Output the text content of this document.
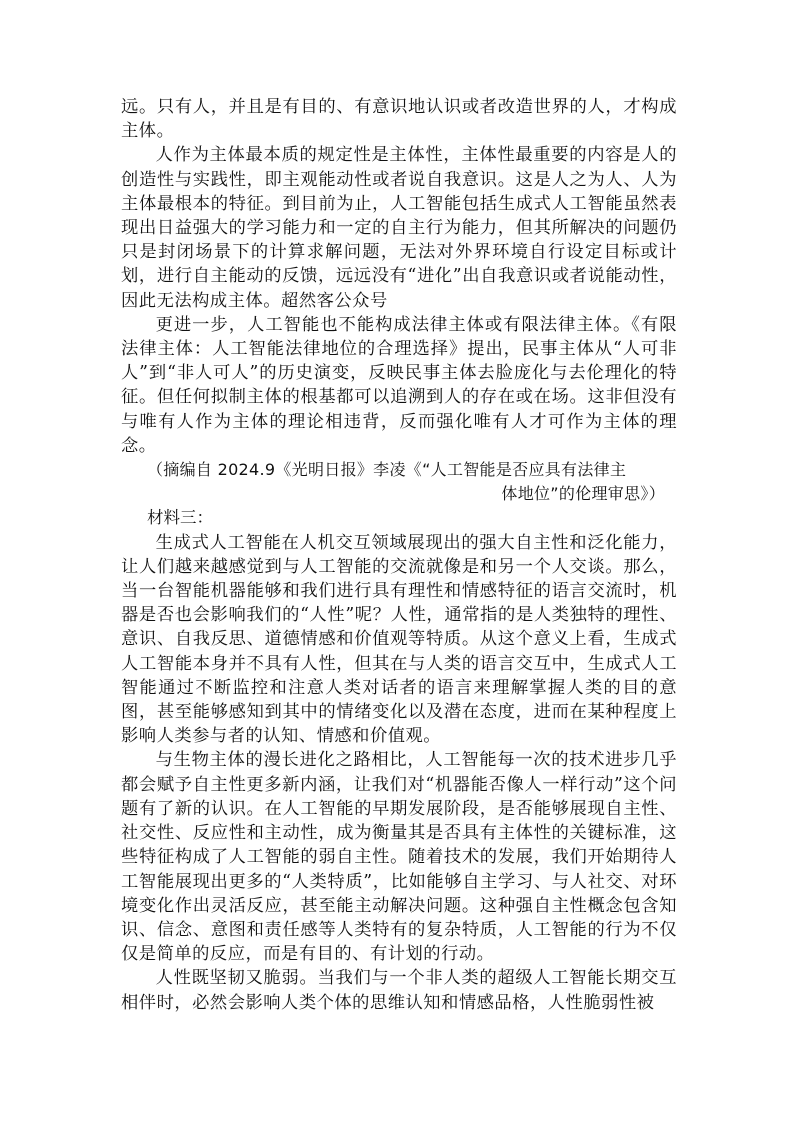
远。只有人，并且是有目的、有意识地认识或者改造世界的人，才构成主体。

人作为主体最本质的规定性是主体性，主体性最重要的内容是人的创造性与实践性，即主观能动性或者说自我意识。这是人之为人、人为主体最根本的特征。到目前为止，人工智能包括生成式人工智能虽然表现出日益强大的学习能力和一定的自主行为能力，但其所解决的问题仍只是封闭场景下的计算求解问题，无法对外界环境自行设定目标或计划，进行自主能动的反馈，远远没有“进化”出自我意识或者说能动性，因此无法构成主体。超然客公众号

更进一步，人工智能也不能构成法律主体或有限法律主体。《有限法律主体：人工智能法律地位的合理选择》提出，民事主体从“人可非人”到“非人可人”的历史演变，反映民事主体去脸庞化与去伦理化的特征。但任何拟制主体的根基都可以追溯到人的存在或在场。这非但没有与唯有人作为主体的理论相违背，反而强化唯有人才可作为主体的理念。

（摘编自 2024.9《光明日报》李凌《“人工智能是否应具有法律主
体地位”的伦理审思》）

材料三：

生成式人工智能在人机交互领域展现出的强大自主性和泛化能力，让人们越来越感觉到与人工智能的交流就像是和另一个人交谈。那么，当一台智能机器能够和我们进行具有理性和情感特征的语言交流时，机器是否也会影响我们的“人性”呢？人性，通常指的是人类独特的理性、意识、自我反思、道德情感和价值观等特质。从这个意义上看，生成式人工智能本身并不具有人性，但其在与人类的语言交互中，生成式人工智能通过不断监控和注意人类对话者的语言来理解掌握人类的目的意图，甚至能够感知到其中的情绪变化以及潜在态度，进而在某种程度上影响人类参与者的认知、情感和价值观。

与生物主体的漫长进化之路相比，人工智能每一次的技术进步几乎都会赋予自主性更多新内涵，让我们对“机器能否像人一样行动”这个问题有了新的认识。在人工智能的早期发展阶段，是否能够展现自主性、社交性、反应性和主动性，成为衡量其是否具有主体性的关键标准，这些特征构成了人工智能的弱自主性。随着技术的发展，我们开始期待人工智能展现出更多的“人类特质”，比如能够自主学习、与人社交、对环境变化作出灵活反应，甚至能主动解决问题。这种强自主性概念包含知识、信念、意图和责任感等人类特有的复杂特质，人工智能的行为不仅仅是简单的反应，而是有目的、有计划的行动。

人性既坚韧又脆弱。当我们与一个非人类的超级人工智能长期交互相伴时，必然会影响人类个体的思维认知和情感品格，人性脆弱性被
